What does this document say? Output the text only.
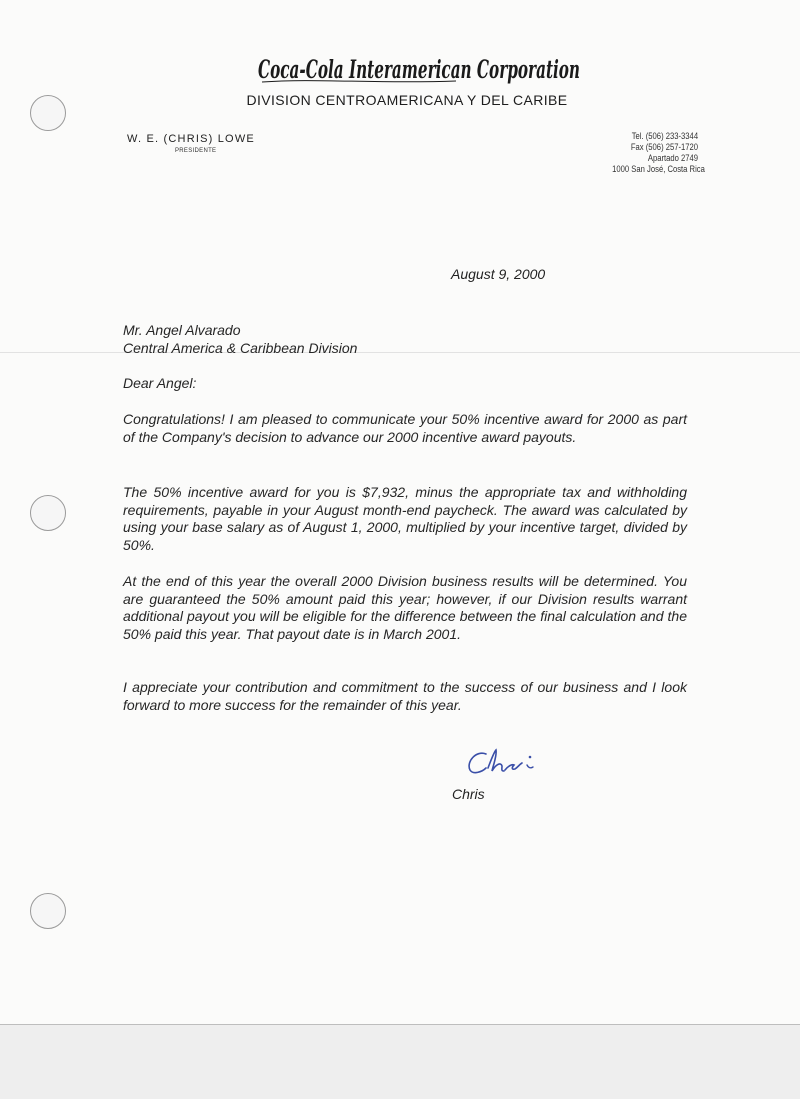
Coca-Cola Interamerican Corporation
DIVISION CENTROAMERICANA Y DEL CARIBE
W. E. (CHRIS) LOWE
PRESIDENTE
Tel. (506) 233-3344
Fax (506) 257-1720
Apartado 2749
1000 San José, Costa Rica
August 9, 2000
Mr. Angel Alvarado
Central America & Caribbean Division
Dear Angel:
Congratulations! I am pleased to communicate your 50% incentive award for 2000 as part of the Company's decision to advance our 2000 incentive award payouts.
The 50% incentive award for you is $7,932, minus the appropriate tax and withholding requirements, payable in your August month-end paycheck. The award was calculated by using your base salary as of August 1, 2000, multiplied by your incentive target, divided by 50%.
At the end of this year the overall 2000 Division business results will be determined. You are guaranteed the 50% amount paid this year; however, if our Division results warrant additional payout you will be eligible for the difference between the final calculation and the 50% paid this year. That payout date is in March 2001.
I appreciate your contribution and commitment to the success of our business and I look forward to more success for the remainder of this year.
Chris
